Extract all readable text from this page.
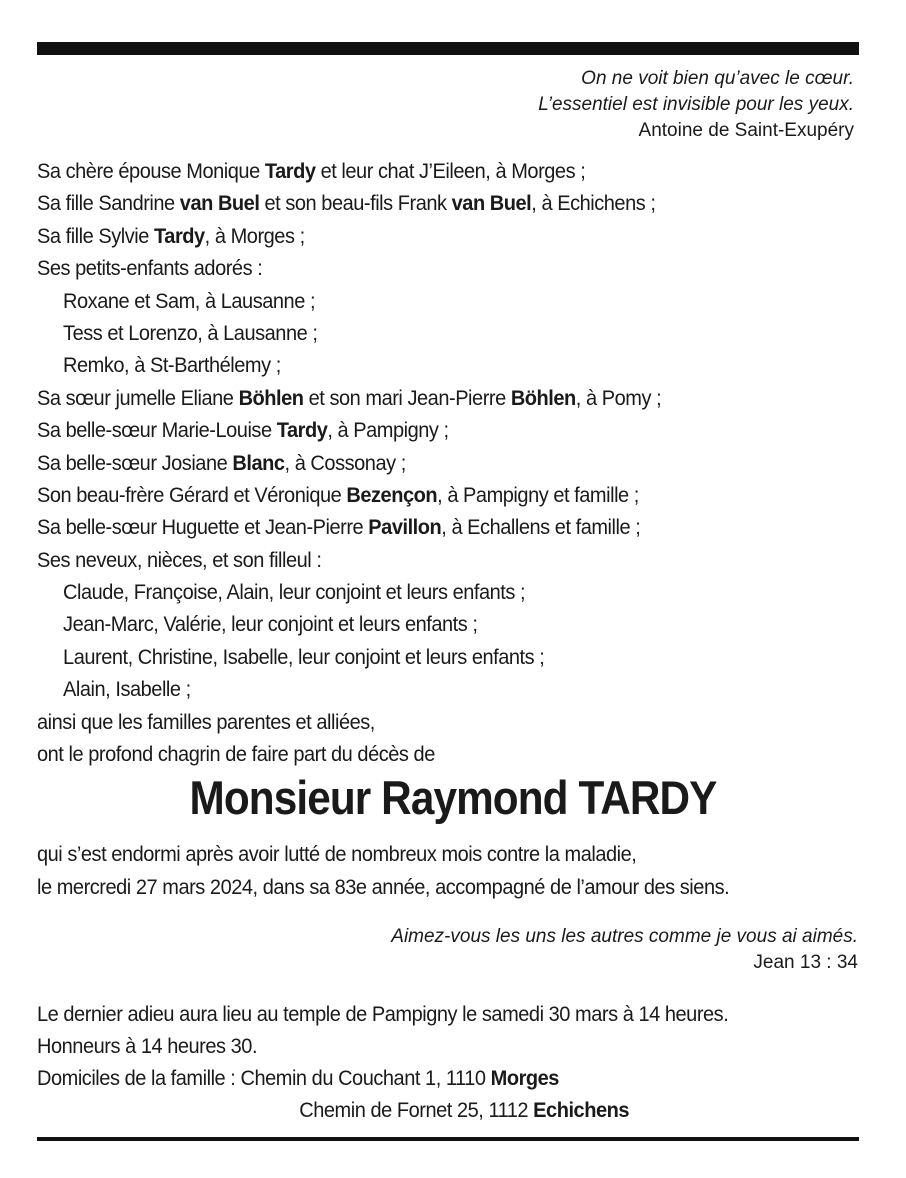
On ne voit bien qu’avec le cœur.
L’essentiel est invisible pour les yeux.
Antoine de Saint-Exupéry
Sa chère épouse Monique Tardy et leur chat J’Eileen, à Morges ;
Sa fille Sandrine van Buel et son beau-fils Frank van Buel, à Echichens ;
Sa fille Sylvie Tardy, à Morges ;
Ses petits-enfants adorés :
Roxane et Sam, à Lausanne ;
Tess et Lorenzo, à Lausanne ;
Remko, à St-Barthélemy ;
Sa sœur jumelle Eliane Böhlen et son mari Jean-Pierre Böhlen, à Pomy ;
Sa belle-sœur Marie-Louise Tardy, à Pampigny ;
Sa belle-sœur Josiane Blanc, à Cossonay ;
Son beau-frère Gérard et Véronique Bezençon, à Pampigny et famille ;
Sa belle-sœur Huguette et Jean-Pierre Pavillon, à Echallens et famille ;
Ses neveux, nièces, et son filleul :
Claude, Françoise, Alain, leur conjoint et leurs enfants ;
Jean-Marc, Valérie, leur conjoint et leurs enfants ;
Laurent, Christine, Isabelle, leur conjoint et leurs enfants ;
Alain, Isabelle ;
ainsi que les familles parentes et alliées,
ont le profond chagrin de faire part du décès de
Monsieur Raymond TARDY
qui s’est endormi après avoir lutté de nombreux mois contre la maladie,
le mercredi 27 mars 2024, dans sa 83e année, accompagné de l’amour des siens.
Aimez-vous les uns les autres comme je vous ai aimés.
Jean 13 : 34
Le dernier adieu aura lieu au temple de Pampigny le samedi 30 mars à 14 heures.
Honneurs à 14 heures 30.
Domiciles de la famille : Chemin du Couchant 1, 1110 Morges
Chemin de Fornet 25, 1112 Echichens
